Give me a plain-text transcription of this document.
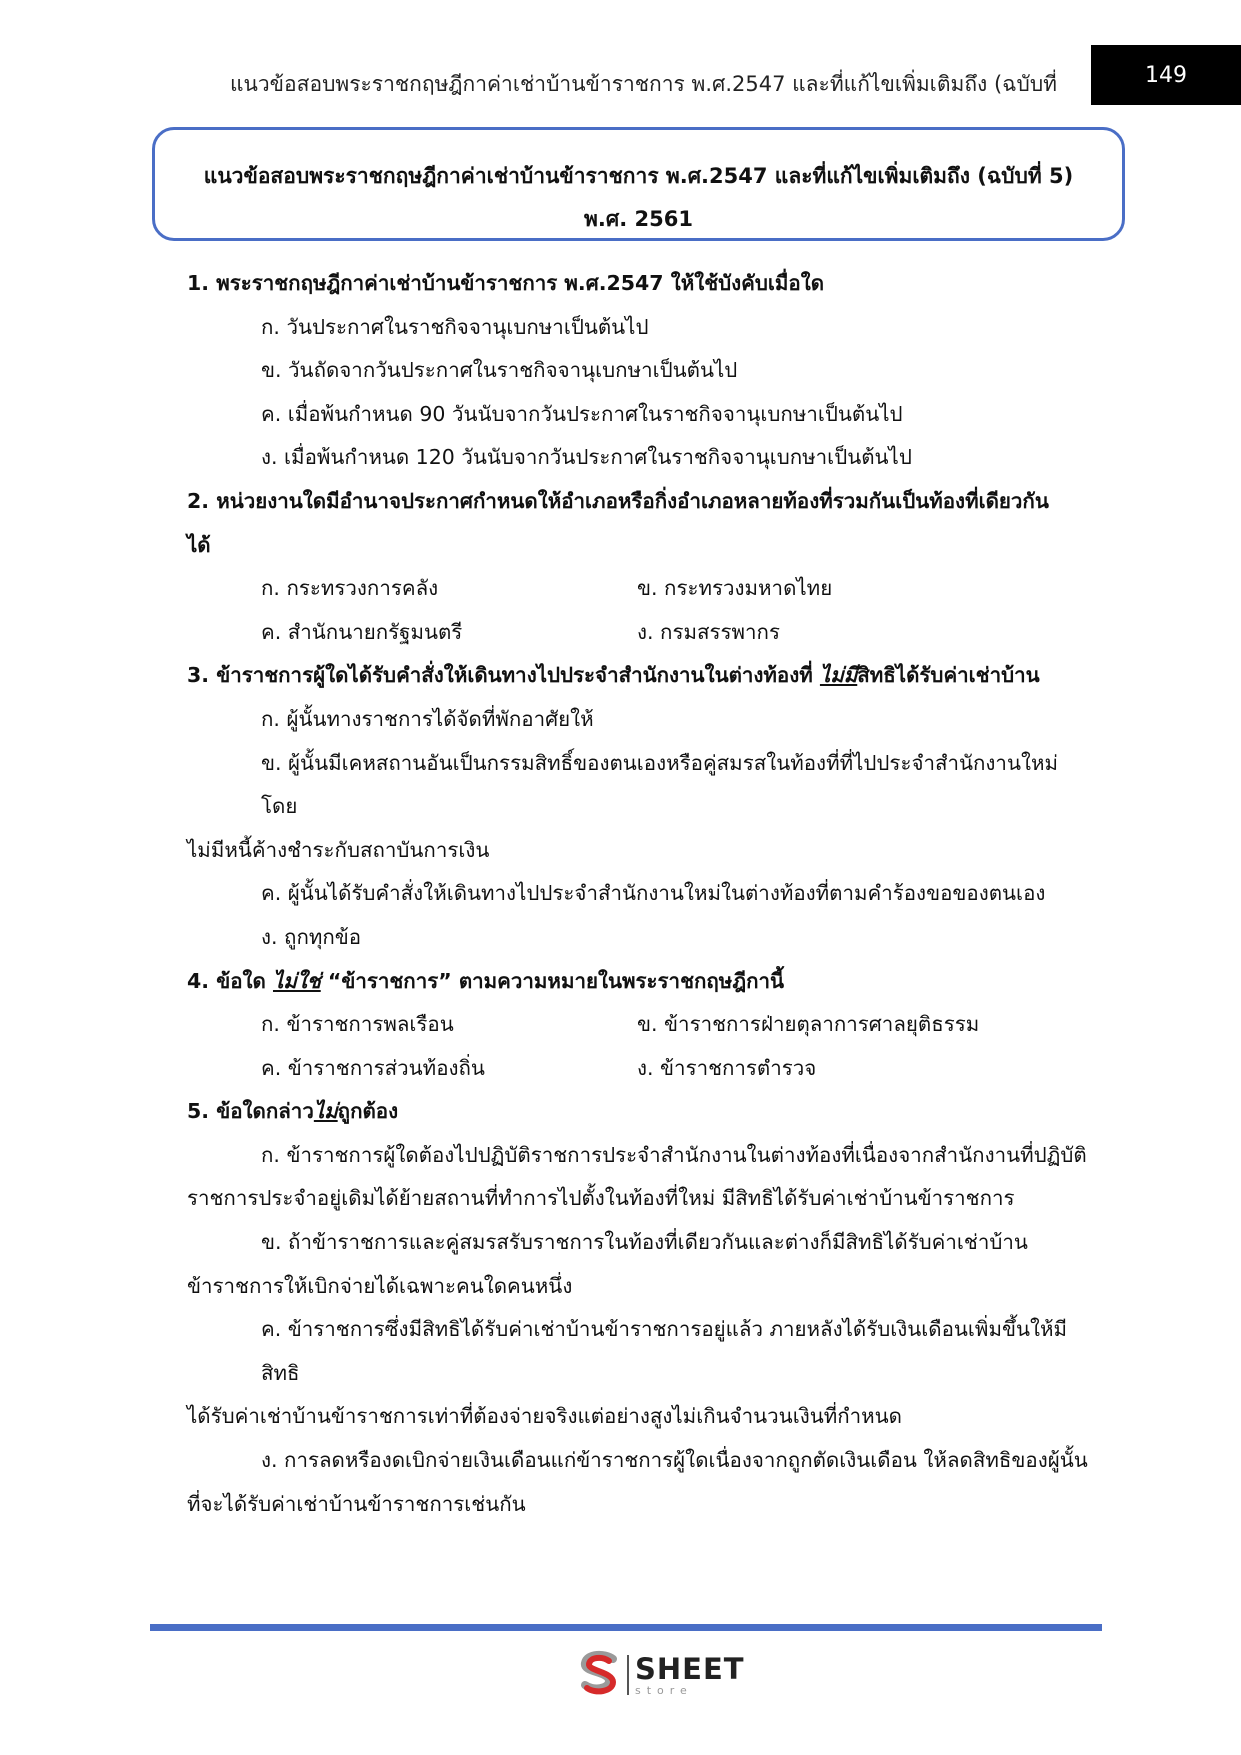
แนวข้อสอบพระราชกฤษฎีกาค่าเช่าบ้านข้าราชการ พ.ศ.2547 และที่แก้ไขเพิ่มเติมถึง (ฉบับที่	149
แนวข้อสอบพระราชกฤษฎีกาค่าเช่าบ้านข้าราชการ พ.ศ.2547 และที่แก้ไขเพิ่มเติมถึง (ฉบับที่ 5)
พ.ศ. 2561
1. พระราชกฤษฎีกาค่าเช่าบ้านข้าราชการ พ.ศ.2547 ให้ใช้บังคับเมื่อใด
ก. วันประกาศในราชกิจจานุเบกษาเป็นต้นไป
ข. วันถัดจากวันประกาศในราชกิจจานุเบกษาเป็นต้นไป
ค. เมื่อพ้นกำหนด 90 วันนับจากวันประกาศในราชกิจจานุเบกษาเป็นต้นไป
ง. เมื่อพ้นกำหนด 120 วันนับจากวันประกาศในราชกิจจานุเบกษาเป็นต้นไป
2. หน่วยงานใดมีอำนาจประกาศกำหนดให้อำเภอหรือกิ่งอำเภอหลายท้องที่รวมกันเป็นท้องที่เดียวกัน
ได้
ก. กระทรวงการคลัง	ข. กระทรวงมหาดไทย
ค. สำนักนายกรัฐมนตรี	ง. กรมสรรพากร
3. ข้าราชการผู้ใดได้รับคำสั่งให้เดินทางไปประจำสำนักงานในต่างท้องที่ ไม่มีสิทธิได้รับค่าเช่าบ้าน
ก. ผู้นั้นทางราชการได้จัดที่พักอาศัยให้
ข. ผู้นั้นมีเคหสถานอันเป็นกรรมสิทธิ์ของตนเองหรือคู่สมรสในท้องที่ที่ไปประจำสำนักงานใหม่โดย
ไม่มีหนี้ค้างชำระกับสถาบันการเงิน
ค. ผู้นั้นได้รับคำสั่งให้เดินทางไปประจำสำนักงานใหม่ในต่างท้องที่ตามคำร้องขอของตนเอง
ง. ถูกทุกข้อ
4. ข้อใด ไม่ใช่ “ข้าราชการ” ตามความหมายในพระราชกฤษฎีกานี้
ก. ข้าราชการพลเรือน	ข. ข้าราชการฝ่ายตุลาการศาลยุติธรรม
ค. ข้าราชการส่วนท้องถิ่น	ง. ข้าราชการตำรวจ
5. ข้อใดกล่าวไม่ถูกต้อง
ก. ข้าราชการผู้ใดต้องไปปฏิบัติราชการประจำสำนักงานในต่างท้องที่เนื่องจากสำนักงานที่ปฏิบัติ
ราชการประจำอยู่เดิมได้ย้ายสถานที่ทำการไปตั้งในท้องที่ใหม่ มีสิทธิได้รับค่าเช่าบ้านข้าราชการ
ข. ถ้าข้าราชการและคู่สมรสรับราชการในท้องที่เดียวกันและต่างก็มีสิทธิได้รับค่าเช่าบ้าน
ข้าราชการให้เบิกจ่ายได้เฉพาะคนใดคนหนึ่ง
ค. ข้าราชการซึ่งมีสิทธิได้รับค่าเช่าบ้านข้าราชการอยู่แล้ว ภายหลังได้รับเงินเดือนเพิ่มขึ้นให้มีสิทธิ
ได้รับค่าเช่าบ้านข้าราชการเท่าที่ต้องจ่ายจริงแต่อย่างสูงไม่เกินจำนวนเงินที่กำหนด
ง. การลดหรืองดเบิกจ่ายเงินเดือนแก่ข้าราชการผู้ใดเนื่องจากถูกตัดเงินเดือน ให้ลดสิทธิของผู้นั้น
ที่จะได้รับค่าเช่าบ้านข้าราชการเช่นกัน
SHEET
store
